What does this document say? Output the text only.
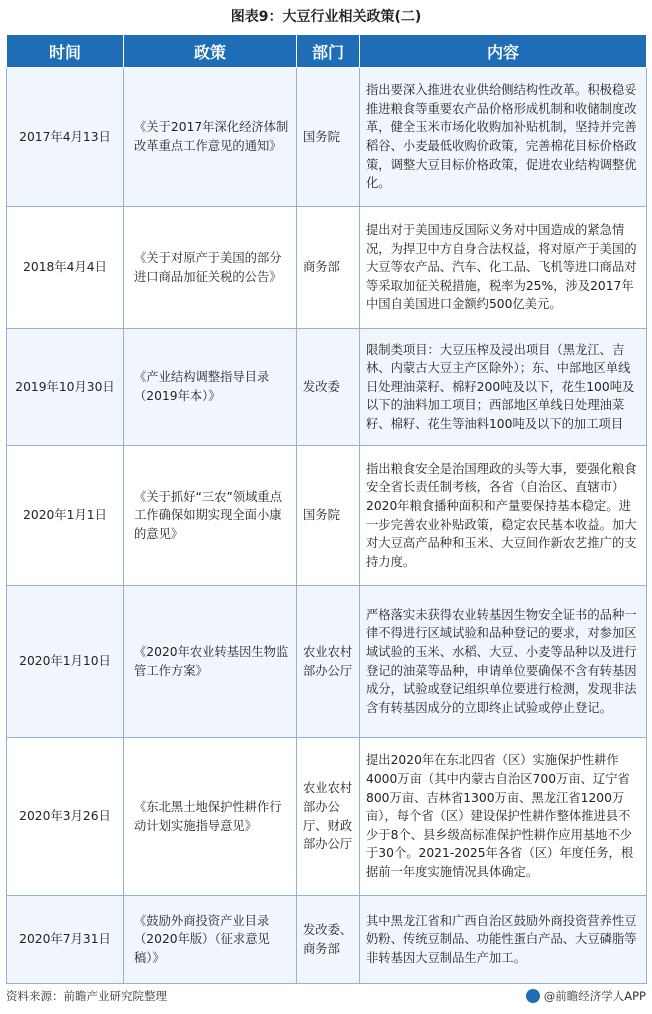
图表9：大豆行业相关政策(二)
时间	政策	部门	内容
2017年4月13日	《关于2017年深化经济体制改革重点工作意见的通知》	国务院	指出要深入推进农业供给侧结构性改革。积极稳妥推进粮食等重要农产品价格形成机制和收储制度改革，健全玉米市场化收购加补贴机制，坚持并完善稻谷、小麦最低收购价政策，完善棉花目标价格政策，调整大豆目标价格政策，促进农业结构调整优化。
2018年4月4日	《关于对原产于美国的部分进口商品加征关税的公告》	商务部	提出对于美国违反国际义务对中国造成的紧急情况，为捍卫中方自身合法权益，将对原产于美国的大豆等农产品、汽车、化工品、飞机等进口商品对等采取加征关税措施，税率为25%，涉及2017年中国自美国进口金额约500亿美元。
2019年10月30日	《产业结构调整指导目录（2019年本）》	发改委	限制类项目：大豆压榨及浸出项目（黑龙江、吉林、内蒙古大豆主产区除外）；东、中部地区单线日处理油菜籽、棉籽200吨及以下，花生100吨及以下的油料加工项目；西部地区单线日处理油菜籽、棉籽、花生等油料100吨及以下的加工项目
2020年1月1日	《关于抓好“三农”领域重点工作确保如期实现全面小康的意见》	国务院	指出粮食安全是治国理政的头等大事，要强化粮食安全省长责任制考核，各省（自治区、直辖市）2020年粮食播种面积和产量要保持基本稳定。进一步完善农业补贴政策，稳定农民基本收益。加大对大豆高产品种和玉米、大豆间作新农艺推广的支持力度。
2020年1月10日	《2020年农业转基因生物监管工作方案》	农业农村部办公厅	严格落实未获得农业转基因生物安全证书的品种一律不得进行区域试验和品种登记的要求，对参加区域试验的玉米、水稻、大豆、小麦等品种以及进行登记的油菜等品种，申请单位要确保不含有转基因成分，试验或登记组织单位要进行检测，发现非法含有转基因成分的立即终止试验或停止登记。
2020年3月26日	《东北黑土地保护性耕作行动计划实施指导意见》	农业农村部办公厅、财政部办公厅	提出2020年在东北四省（区）实施保护性耕作4000万亩（其中内蒙古自治区700万亩、辽宁省800万亩、吉林省1300万亩、黑龙江省1200万亩），每个省（区）建设保护性耕作整体推进县不少于8个、县乡级高标准保护性耕作应用基地不少于30个。2021-2025年各省（区）年度任务，根据前一年度实施情况具体确定。
2020年7月31日	《鼓励外商投资产业目录（2020年版）（征求意见稿）》	发改委、商务部	其中黑龙江省和广西自治区鼓励外商投资营养性豆奶粉、传统豆制品、功能性蛋白产品、大豆磷脂等非转基因大豆制品生产加工。
资料来源：前瞻产业研究院整理	@前瞻经济学人APP
